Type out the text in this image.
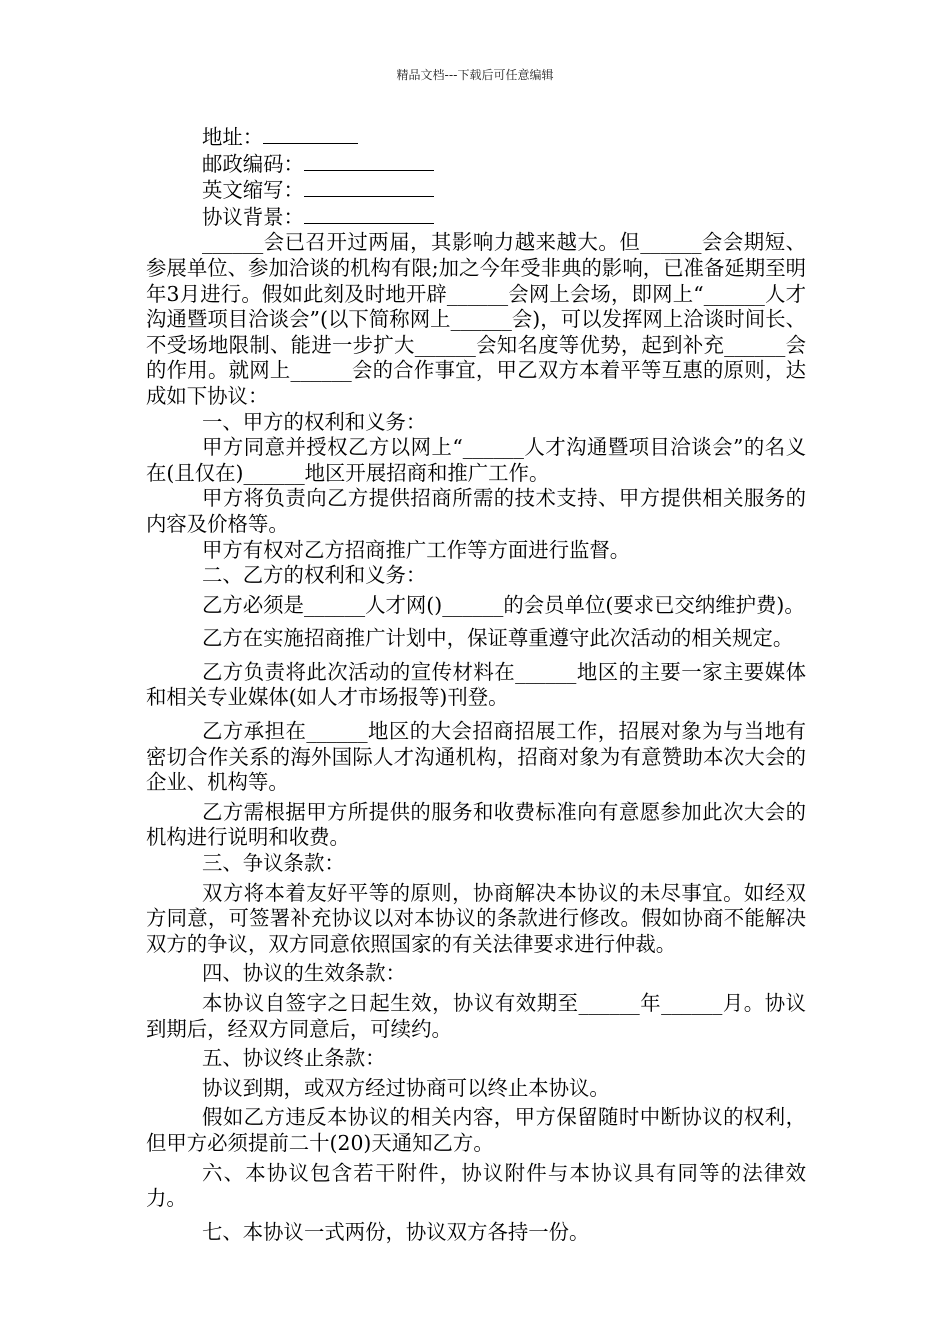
精品文档---下载后可任意编辑
地址：
邮政编码：
英文缩写：
协议背景：

______会已召开过两届，其影响力越来越大。但______会会期短、参展单位、参加洽谈的机构有限;加之今年受非典的影响，已准备延期至明年3月进行。假如此刻及时地开辟______会网上会场，即网上“______人才沟通暨项目洽谈会”(以下简称网上______会)，可以发挥网上洽谈时间长、不受场地限制、能进一步扩大______会知名度等优势，起到补充______会的作用。就网上______会的合作事宜，甲乙双方本着平等互惠的原则，达成如下协议：

一、甲方的权利和义务：

甲方同意并授权乙方以网上“______人才沟通暨项目洽谈会”的名义在(且仅在)______地区开展招商和推广工作。

甲方将负责向乙方提供招商所需的技术支持、甲方提供相关服务的内容及价格等。

甲方有权对乙方招商推广工作等方面进行监督。

二、乙方的权利和义务：

乙方必须是______人才网()______的会员单位(要求已交纳维护费)。

乙方在实施招商推广计划中，保证尊重遵守此次活动的相关规定。

乙方负责将此次活动的宣传材料在______地区的主要一家主要媒体和相关专业媒体(如人才市场报等)刊登。

乙方承担在______地区的大会招商招展工作，招展对象为与当地有密切合作关系的海外国际人才沟通机构，招商对象为有意赞助本次大会的企业、机构等。

乙方需根据甲方所提供的服务和收费标准向有意愿参加此次大会的机构进行说明和收费。

三、争议条款：

双方将本着友好平等的原则，协商解决本协议的未尽事宜。如经双方同意，可签署补充协议以对本协议的条款进行修改。假如协商不能解决双方的争议，双方同意依照国家的有关法律要求进行仲裁。

四、协议的生效条款：

本协议自签字之日起生效，协议有效期至______年______月。协议到期后，经双方同意后，可续约。

五、协议终止条款：

协议到期，或双方经过协商可以终止本协议。

假如乙方违反本协议的相关内容，甲方保留随时中断协议的权利，但甲方必须提前二十(20)天通知乙方。

六、本协议包含若干附件，协议附件与本协议具有同等的法律效力。

七、本协议一式两份，协议双方各持一份。
